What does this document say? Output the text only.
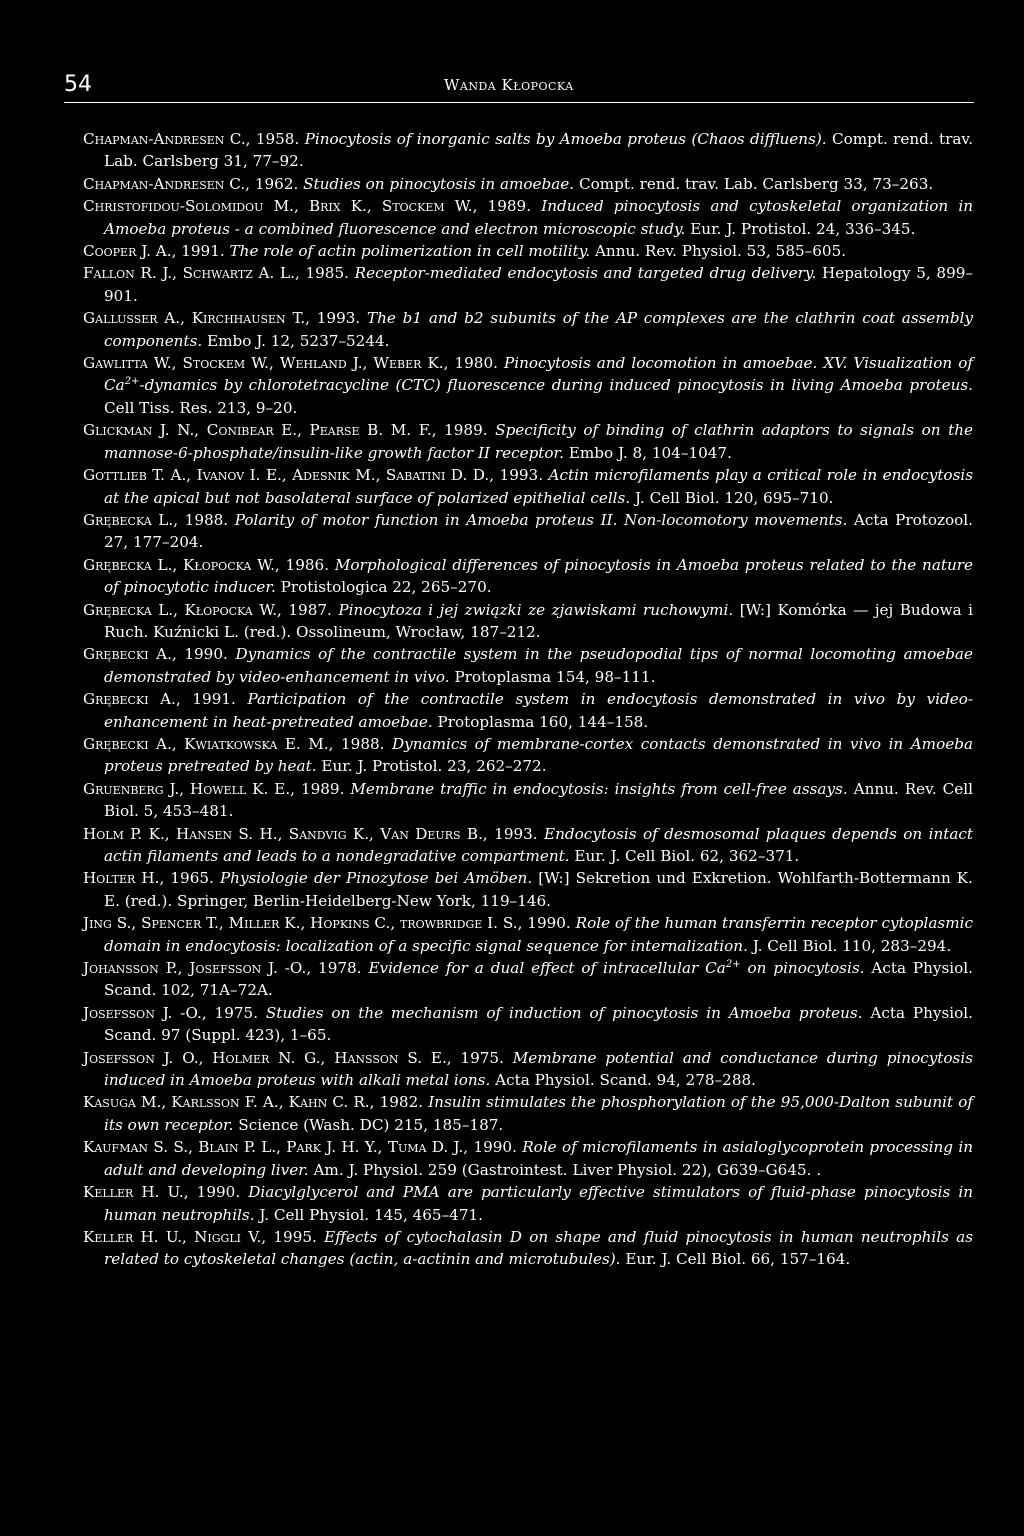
54	Wanda Kłopocka
Chapman-Andresen C., 1958. Pinocytosis of inorganic salts by Amoeba proteus (Chaos diffluens). Compt. rend. trav. Lab. Carlsberg 31, 77–92.
Chapman-Andresen C., 1962. Studies on pinocytosis in amoebae. Compt. rend. trav. Lab. Carlsberg 33, 73–263.
Christofidou-Solomidou M., Brix K., Stockem W., 1989. Induced pinocytosis and cytoskeletal organization in Amoeba proteus - a combined fluorescence and electron microscopic study. Eur. J. Protistol. 24, 336–345.
Cooper J. A., 1991. The role of actin polimerization in cell motility. Annu. Rev. Physiol. 53, 585–605.
Fallon R. J., Schwartz A. L., 1985. Receptor-mediated endocytosis and targeted drug delivery. Hepatology 5, 899–901.
Gallusser A., Kirchhausen T., 1993. The b1 and b2 subunits of the AP complexes are the clathrin coat assembly components. Embo J. 12, 5237–5244.
Gawlitta W., Stockem W., Wehland J., Weber K., 1980. Pinocytosis and locomotion in amoebae. XV. Visualization of $Ca^{2+}$-dynamics by chlorotetracycline (CTC) fluorescence during induced pinocytosis in living Amoeba proteus. Cell Tiss. Res. 213, 9–20.
Glickman J. N., Conibear E., Pearse B. M. F., 1989. Specificity of binding of clathrin adaptors to signals on the mannose-6-phosphate/insulin-like growth factor II receptor. Embo J. 8, 104–1047.
Gottlieb T. A., Ivanov I. E., Adesnik M., Sabatini D. D., 1993. Actin microfilaments play a critical role in endocytosis at the apical but not basolateral surface of polarized epithelial cells. J. Cell Biol. 120, 695–710.
Grębecka L., 1988. Polarity of motor function in Amoeba proteus II. Non-locomotory movements. Acta Protozool. 27, 177–204.
Grębecka L., Kłopocka W., 1986. Morphological differences of pinocytosis in Amoeba proteus related to the nature of pinocytotic inducer. Protistologica 22, 265–270.
Grębecka L., Kłopocka W., 1987. Pinocytoza i jej związki ze zjawiskami ruchowymi. [W:] Komórka — jej Budowa i Ruch. Kuźnicki L. (red.). Ossolineum, Wrocław, 187–212.
Grębecki A., 1990. Dynamics of the contractile system in the pseudopodial tips of normal locomoting amoebae demonstrated by video-enhancement in vivo. Protoplasma 154, 98–111.
Grębecki A., 1991. Participation of the contractile system in endocytosis demonstrated in vivo by video-enhancement in heat-pretreated amoebae. Protoplasma 160, 144–158.
Grębecki A., Kwiatkowska E. M., 1988. Dynamics of membrane-cortex contacts demonstrated in vivo in Amoeba proteus pretreated by heat. Eur. J. Protistol. 23, 262–272.
Gruenberg J., Howell K. E., 1989. Membrane traffic in endocytosis: insights from cell-free assays. Annu. Rev. Cell Biol. 5, 453–481.
Holm P. K., Hansen S. H., Sandvig K., Van Deurs B., 1993. Endocytosis of desmosomal plaques depends on intact actin filaments and leads to a nondegradative compartment. Eur. J. Cell Biol. 62, 362–371.
Holter H., 1965. Physiologie der Pinozytose bei Amöben. [W:] Sekretion und Exkretion. Wohlfarth-Bottermann K. E. (red.). Springer, Berlin-Heidelberg-New York, 119–146.
Jing S., Spencer T., Miller K., Hopkins C., trowbridge I. S., 1990. Role of the human transferrin receptor cytoplasmic domain in endocytosis: localization of a specific signal sequence for internalization. J. Cell Biol. 110, 283–294.
Johansson P., Josefsson J. -O., 1978. Evidence for a dual effect of intracellular $Ca^{2+}$ on pinocytosis. Acta Physiol. Scand. 102, 71A–72A.
Josefsson J. -O., 1975. Studies on the mechanism of induction of pinocytosis in Amoeba proteus. Acta Physiol. Scand. 97 (Suppl. 423), 1–65.
Josefsson J. O., Holmer N. G., Hansson S. E., 1975. Membrane potential and conductance during pinocytosis induced in Amoeba proteus with alkali metal ions. Acta Physiol. Scand. 94, 278–288.
Kasuga M., Karlsson F. A., Kahn C. R., 1982. Insulin stimulates the phosphorylation of the 95,000-Dalton subunit of its own receptor. Science (Wash. DC) 215, 185–187.
Kaufman S. S., Blain P. L., Park J. H. Y., Tuma D. J., 1990. Role of microfilaments in asialoglycoprotein processing in adult and developing liver. Am. J. Physiol. 259 (Gastrointest. Liver Physiol. 22), G639–G645. .
Keller H. U., 1990. Diacylglycerol and PMA are particularly effective stimulators of fluid-phase pinocytosis in human neutrophils. J. Cell Physiol. 145, 465–471.
Keller H. U., Niggli V., 1995. Effects of cytochalasin D on shape and fluid pinocytosis in human neutrophils as related to cytoskeletal changes (actin, a-actinin and microtubules). Eur. J. Cell Biol. 66, 157–164.
